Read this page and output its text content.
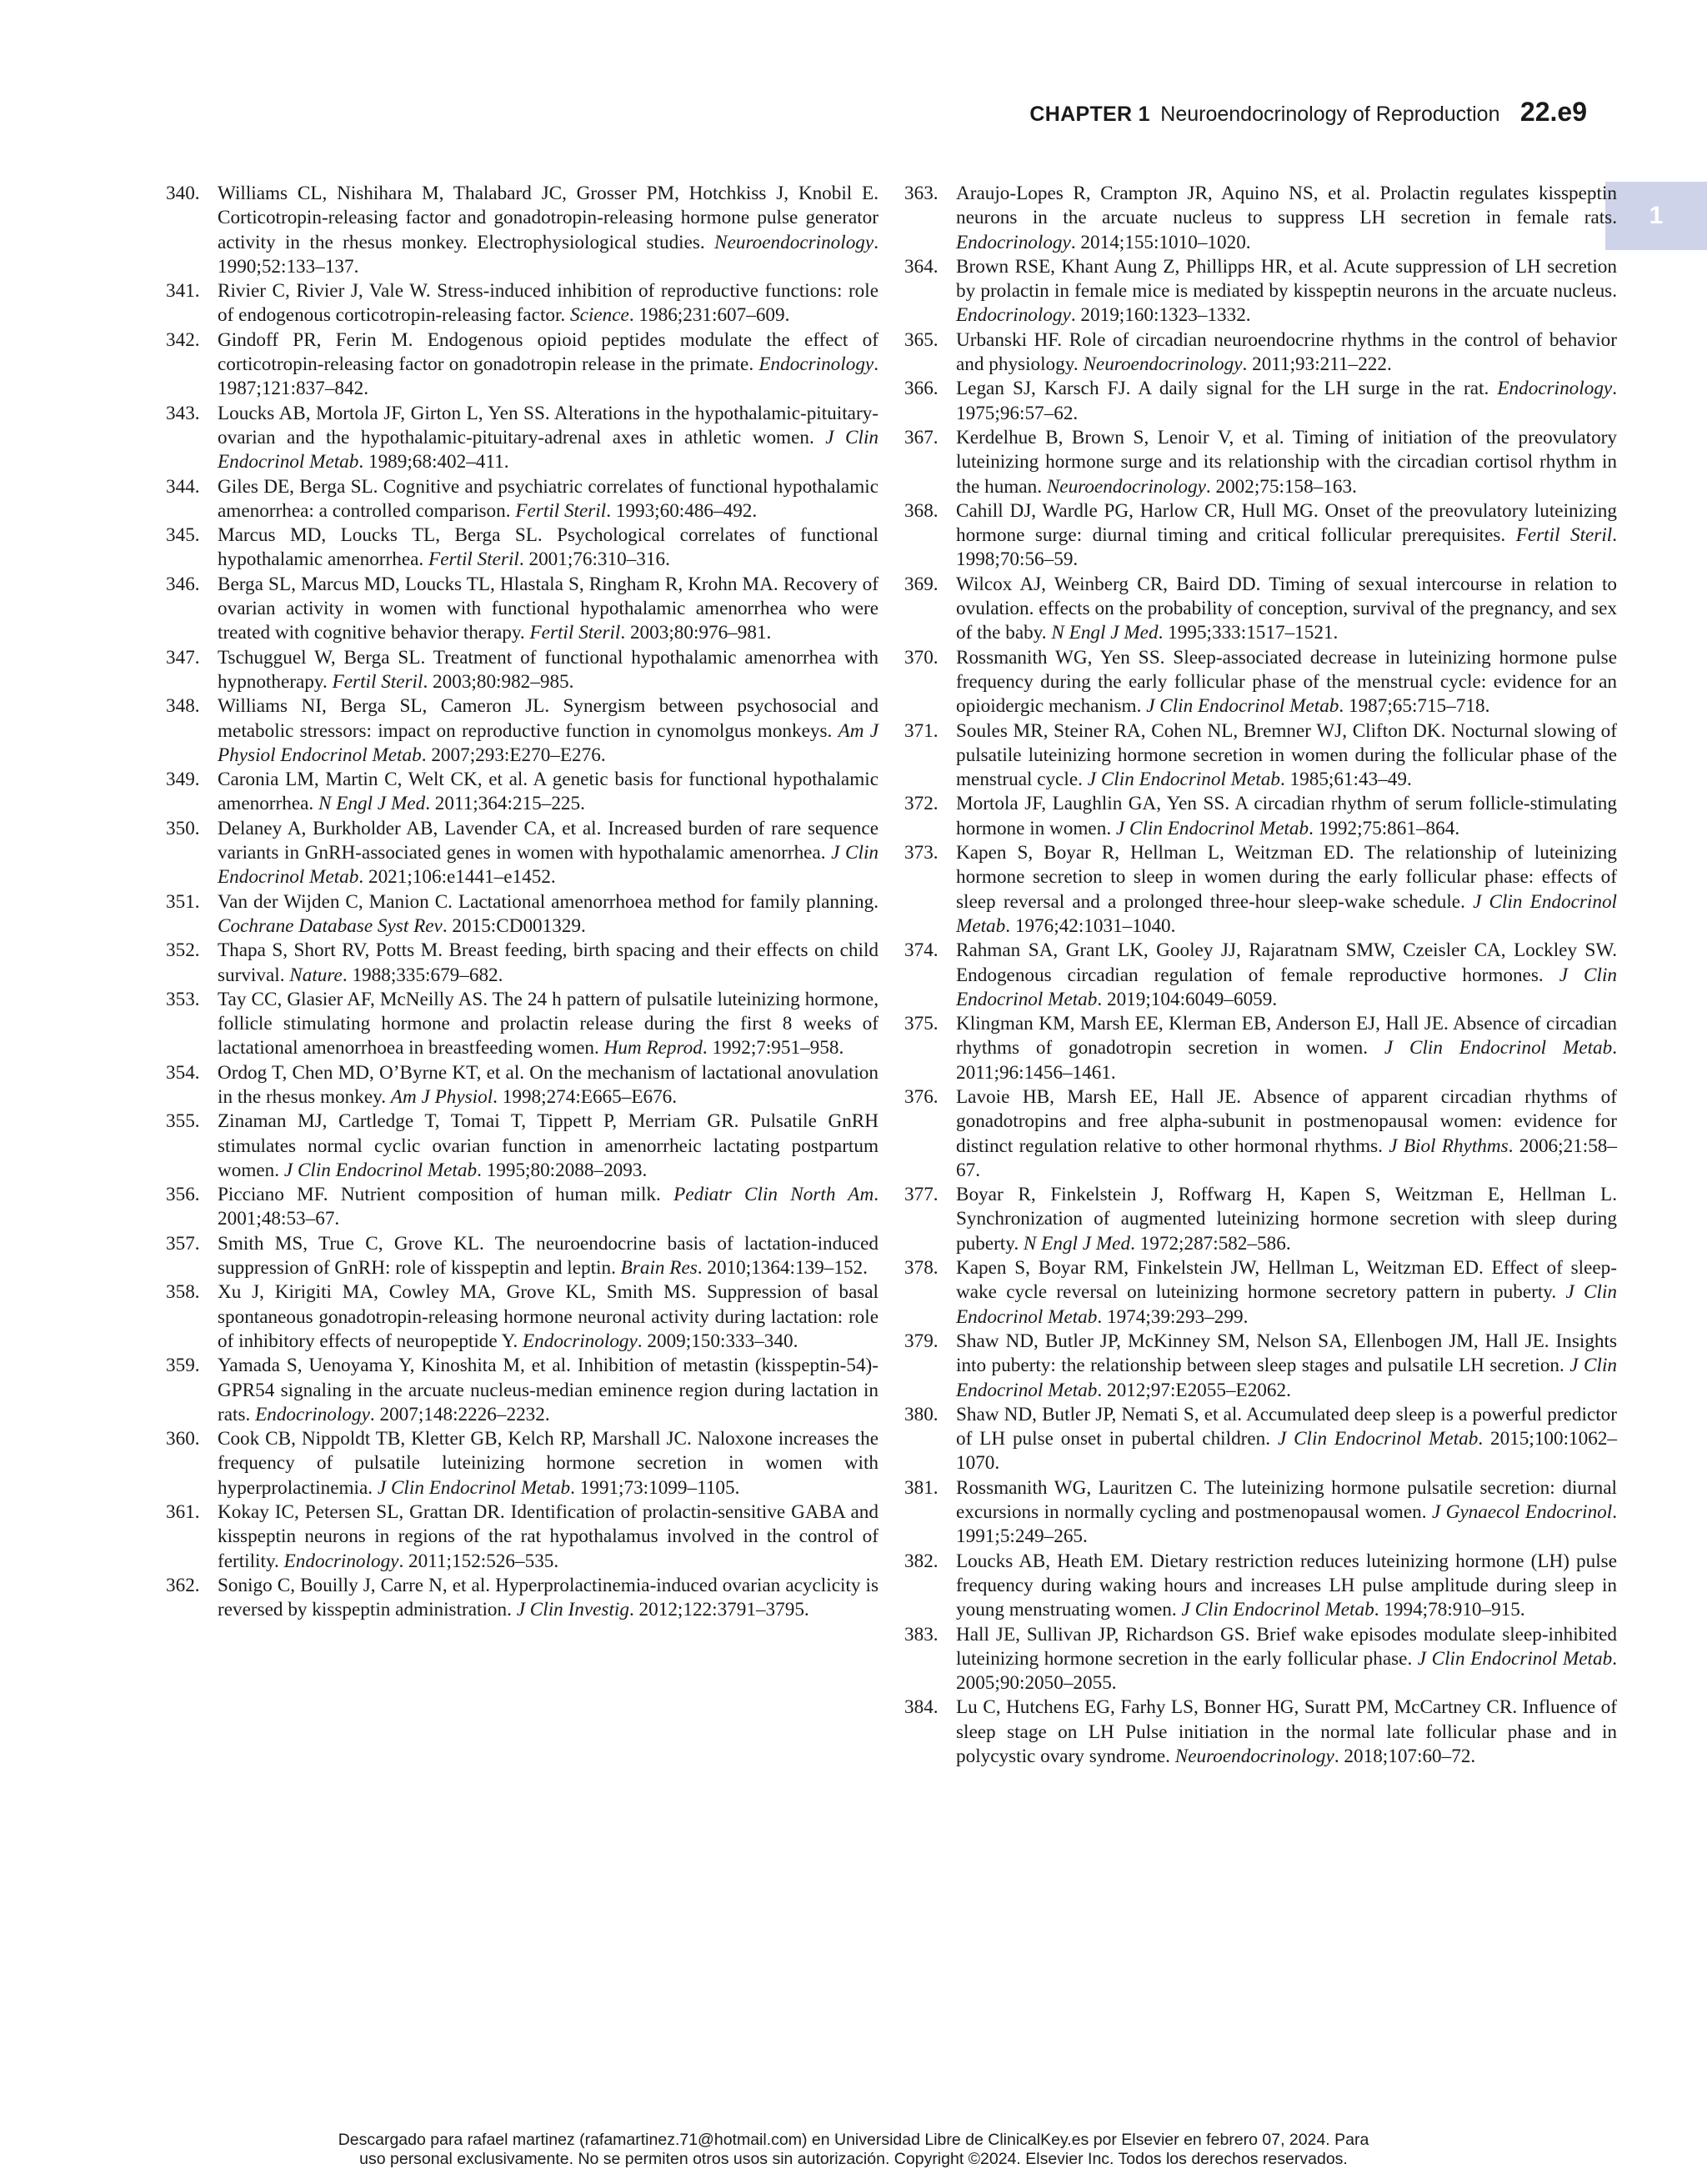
CHAPTER 1 Neuroendocrinology of Reproduction 22.e9
1
340. Williams CL, Nishihara M, Thalabard JC, Grosser PM, Hotchkiss J, Knobil E. Corticotropin-releasing factor and gonadotropin-releasing hormone pulse generator activity in the rhesus monkey. Electrophysiological studies. Neuroendocrinology. 1990;52:133–137.
341. Rivier C, Rivier J, Vale W. Stress-induced inhibition of reproductive functions: role of endogenous corticotropin-releasing factor. Science. 1986;231:607–609.
342. Gindoff PR, Ferin M. Endogenous opioid peptides modulate the effect of corticotropin-releasing factor on gonadotropin release in the primate. Endocrinology. 1987;121:837–842.
343. Loucks AB, Mortola JF, Girton L, Yen SS. Alterations in the hypothalamic-pituitary-ovarian and the hypothalamic-pituitary-adrenal axes in athletic women. J Clin Endocrinol Metab. 1989;68:402–411.
344. Giles DE, Berga SL. Cognitive and psychiatric correlates of functional hypothalamic amenorrhea: a controlled comparison. Fertil Steril. 1993;60:486–492.
345. Marcus MD, Loucks TL, Berga SL. Psychological correlates of functional hypothalamic amenorrhea. Fertil Steril. 2001;76:310–316.
346. Berga SL, Marcus MD, Loucks TL, Hlastala S, Ringham R, Krohn MA. Recovery of ovarian activity in women with functional hypothalamic amenorrhea who were treated with cognitive behavior therapy. Fertil Steril. 2003;80:976–981.
347. Tschugguel W, Berga SL. Treatment of functional hypothalamic amenorrhea with hypnotherapy. Fertil Steril. 2003;80:982–985.
348. Williams NI, Berga SL, Cameron JL. Synergism between psychosocial and metabolic stressors: impact on reproductive function in cynomolgus monkeys. Am J Physiol Endocrinol Metab. 2007;293:E270–E276.
349. Caronia LM, Martin C, Welt CK, et al. A genetic basis for functional hypothalamic amenorrhea. N Engl J Med. 2011;364:215–225.
350. Delaney A, Burkholder AB, Lavender CA, et al. Increased burden of rare sequence variants in GnRH-associated genes in women with hypothalamic amenorrhea. J Clin Endocrinol Metab. 2021;106:e1441–e1452.
351. Van der Wijden C, Manion C. Lactational amenorrhoea method for family planning. Cochrane Database Syst Rev. 2015:CD001329.
352. Thapa S, Short RV, Potts M. Breast feeding, birth spacing and their effects on child survival. Nature. 1988;335:679–682.
353. Tay CC, Glasier AF, McNeilly AS. The 24 h pattern of pulsatile luteinizing hormone, follicle stimulating hormone and prolactin release during the first 8 weeks of lactational amenorrhoea in breastfeeding women. Hum Reprod. 1992;7:951–958.
354. Ordog T, Chen MD, O’Byrne KT, et al. On the mechanism of lactational anovulation in the rhesus monkey. Am J Physiol. 1998;274:E665–E676.
355. Zinaman MJ, Cartledge T, Tomai T, Tippett P, Merriam GR. Pulsatile GnRH stimulates normal cyclic ovarian function in amenorrheic lactating postpartum women. J Clin Endocrinol Metab. 1995;80:2088–2093.
356. Picciano MF. Nutrient composition of human milk. Pediatr Clin North Am. 2001;48:53–67.
357. Smith MS, True C, Grove KL. The neuroendocrine basis of lactation-induced suppression of GnRH: role of kisspeptin and leptin. Brain Res. 2010;1364:139–152.
358. Xu J, Kirigiti MA, Cowley MA, Grove KL, Smith MS. Suppression of basal spontaneous gonadotropin-releasing hormone neuronal activity during lactation: role of inhibitory effects of neuropeptide Y. Endocrinology. 2009;150:333–340.
359. Yamada S, Uenoyama Y, Kinoshita M, et al. Inhibition of metastin (kisspeptin-54)-GPR54 signaling in the arcuate nucleus-median eminence region during lactation in rats. Endocrinology. 2007;148:2226–2232.
360. Cook CB, Nippoldt TB, Kletter GB, Kelch RP, Marshall JC. Naloxone increases the frequency of pulsatile luteinizing hormone secretion in women with hyperprolactinemia. J Clin Endocrinol Metab. 1991;73:1099–1105.
361. Kokay IC, Petersen SL, Grattan DR. Identification of prolactin-sensitive GABA and kisspeptin neurons in regions of the rat hypothalamus involved in the control of fertility. Endocrinology. 2011;152:526–535.
362. Sonigo C, Bouilly J, Carre N, et al. Hyperprolactinemia-induced ovarian acyclicity is reversed by kisspeptin administration. J Clin Investig. 2012;122:3791–3795.
363. Araujo-Lopes R, Crampton JR, Aquino NS, et al. Prolactin regulates kisspeptin neurons in the arcuate nucleus to suppress LH secretion in female rats. Endocrinology. 2014;155:1010–1020.
364. Brown RSE, Khant Aung Z, Phillipps HR, et al. Acute suppression of LH secretion by prolactin in female mice is mediated by kisspeptin neurons in the arcuate nucleus. Endocrinology. 2019;160:1323–1332.
365. Urbanski HF. Role of circadian neuroendocrine rhythms in the control of behavior and physiology. Neuroendocrinology. 2011;93:211–222.
366. Legan SJ, Karsch FJ. A daily signal for the LH surge in the rat. Endocrinology. 1975;96:57–62.
367. Kerdelhue B, Brown S, Lenoir V, et al. Timing of initiation of the preovulatory luteinizing hormone surge and its relationship with the circadian cortisol rhythm in the human. Neuroendocrinology. 2002;75:158–163.
368. Cahill DJ, Wardle PG, Harlow CR, Hull MG. Onset of the preovulatory luteinizing hormone surge: diurnal timing and critical follicular prerequisites. Fertil Steril. 1998;70:56–59.
369. Wilcox AJ, Weinberg CR, Baird DD. Timing of sexual intercourse in relation to ovulation. effects on the probability of conception, survival of the pregnancy, and sex of the baby. N Engl J Med. 1995;333:1517–1521.
370. Rossmanith WG, Yen SS. Sleep-associated decrease in luteinizing hormone pulse frequency during the early follicular phase of the menstrual cycle: evidence for an opioidergic mechanism. J Clin Endocrinol Metab. 1987;65:715–718.
371. Soules MR, Steiner RA, Cohen NL, Bremner WJ, Clifton DK. Nocturnal slowing of pulsatile luteinizing hormone secretion in women during the follicular phase of the menstrual cycle. J Clin Endocrinol Metab. 1985;61:43–49.
372. Mortola JF, Laughlin GA, Yen SS. A circadian rhythm of serum follicle-stimulating hormone in women. J Clin Endocrinol Metab. 1992;75:861–864.
373. Kapen S, Boyar R, Hellman L, Weitzman ED. The relationship of luteinizing hormone secretion to sleep in women during the early follicular phase: effects of sleep reversal and a prolonged three-hour sleep-wake schedule. J Clin Endocrinol Metab. 1976;42:1031–1040.
374. Rahman SA, Grant LK, Gooley JJ, Rajaratnam SMW, Czeisler CA, Lockley SW. Endogenous circadian regulation of female reproductive hormones. J Clin Endocrinol Metab. 2019;104:6049–6059.
375. Klingman KM, Marsh EE, Klerman EB, Anderson EJ, Hall JE. Absence of circadian rhythms of gonadotropin secretion in women. J Clin Endocrinol Metab. 2011;96:1456–1461.
376. Lavoie HB, Marsh EE, Hall JE. Absence of apparent circadian rhythms of gonadotropins and free alpha-subunit in postmenopausal women: evidence for distinct regulation relative to other hormonal rhythms. J Biol Rhythms. 2006;21:58–67.
377. Boyar R, Finkelstein J, Roffwarg H, Kapen S, Weitzman E, Hellman L. Synchronization of augmented luteinizing hormone secretion with sleep during puberty. N Engl J Med. 1972;287:582–586.
378. Kapen S, Boyar RM, Finkelstein JW, Hellman L, Weitzman ED. Effect of sleep-wake cycle reversal on luteinizing hormone secretory pattern in puberty. J Clin Endocrinol Metab. 1974;39:293–299.
379. Shaw ND, Butler JP, McKinney SM, Nelson SA, Ellenbogen JM, Hall JE. Insights into puberty: the relationship between sleep stages and pulsatile LH secretion. J Clin Endocrinol Metab. 2012;97:E2055–E2062.
380. Shaw ND, Butler JP, Nemati S, et al. Accumulated deep sleep is a powerful predictor of LH pulse onset in pubertal children. J Clin Endocrinol Metab. 2015;100:1062–1070.
381. Rossmanith WG, Lauritzen C. The luteinizing hormone pulsatile secretion: diurnal excursions in normally cycling and postmenopausal women. J Gynaecol Endocrinol. 1991;5:249–265.
382. Loucks AB, Heath EM. Dietary restriction reduces luteinizing hormone (LH) pulse frequency during waking hours and increases LH pulse amplitude during sleep in young menstruating women. J Clin Endocrinol Metab. 1994;78:910–915.
383. Hall JE, Sullivan JP, Richardson GS. Brief wake episodes modulate sleep-inhibited luteinizing hormone secretion in the early follicular phase. J Clin Endocrinol Metab. 2005;90:2050–2055.
384. Lu C, Hutchens EG, Farhy LS, Bonner HG, Suratt PM, McCartney CR. Influence of sleep stage on LH Pulse initiation in the normal late follicular phase and in polycystic ovary syndrome. Neuroendocrinology. 2018;107:60–72.
Descargado para rafael martinez (rafamartinez.71@hotmail.com) en Universidad Libre de ClinicalKey.es por Elsevier en febrero 07, 2024. Para
uso personal exclusivamente. No se permiten otros usos sin autorización. Copyright ©2024. Elsevier Inc. Todos los derechos reservados.
